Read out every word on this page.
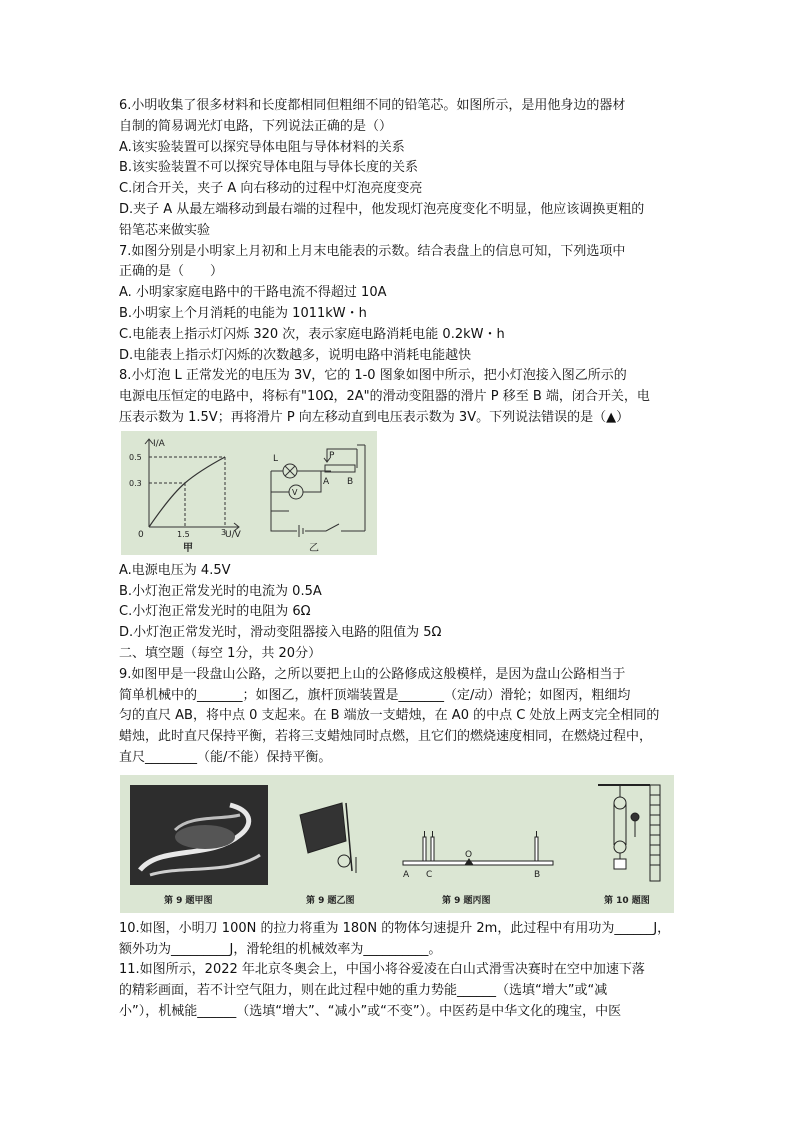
6.小明收集了很多材料和长度都相同但粗细不同的铅笔芯。如图所示，是用他身边的器材
自制的简易调光灯电路，下列说法正确的是（）
A.该实验装置可以探究导体电阻与导体材料的关系
B.该实验装置不可以探究导体电阻与导体长度的关系
C.闭合开关，夹子 A 向右移动的过程中灯泡亮度变亮
D.夹子 A 从最左端移动到最右端的过程中，他发现灯泡亮度变化不明显，他应该调换更粗的
铅笔芯来做实验
7.如图分别是小明家上月初和上月末电能表的示数。结合表盘上的信息可知，下列选项中
正确的是（　　）
A. 小明家家庭电路中的干路电流不得超过 10A
B.小明家上个月消耗的电能为 1011kW・h
C.电能表上指示灯闪烁 320 次，表示家庭电路消耗电能 0.2kW・h
D.电能表上指示灯闪烁的次数越多，说明电路中消耗电能越快
8.小灯泡 L 正常发光的电压为 3V，它的 1-0 图象如图中所示，把小灯泡接入图乙所示的
电源电压恒定的电路中，将标有"10Ω，2A"的滑动变阻器的滑片 P 移至 B 端，闭合开关，电
压表示数为 1.5V；再将滑片 P 向左移动直到电压表示数为 3V。下列说法错误的是（▲）
I/A
U/V
0
0.5
0.3
1.5	3
甲
V
L	P
A B
乙
A.电源电压为 4.5V
B.小灯泡正常发光时的电流为 0.5A
C.小灯泡正常发光时的电阻为 6Ω
D.小灯泡正常发光时，滑动变阻器接入电路的阻值为 5Ω
二、填空题（每空 1分，共 20分）
9.如图甲是一段盘山公路，之所以要把上山的公路修成这般模样，是因为盘山公路相当于
简单机械中的_______；如图乙，旗杆顶端装置是_______（定/动）滑轮；如图丙，粗细均
匀的直尺 AB，将中点 0 支起来。在 B 端放一支蜡烛，在 A0 的中点 C 处放上两支完全相同的
蜡烛，此时直尺保持平衡，若将三支蜡烛同时点燃，且它们的燃烧速度相同，在燃烧过程中，
直尺________（能/不能）保持平衡。
第 9 题甲图	第 9 题乙图
A C
O
B
第 9 题丙图	第 10 题图
10.如图，小明刀 100N 的拉力将重为 180N 的物体匀速提升 2m，此过程中有用功为______J，
额外功为_________J，滑轮组的机械效率为__________。
11.如图所示，2022 年北京冬奥会上，中国小将谷爱凌在白山式滑雪决赛时在空中加速下落
的精彩画面，若不计空气阻力，则在此过程中她的重力势能______（选填“增大”或“减
小”），机械能______（选填“增大”、“减小”或“不变”）。中医药是中华文化的瑰宝，中医
